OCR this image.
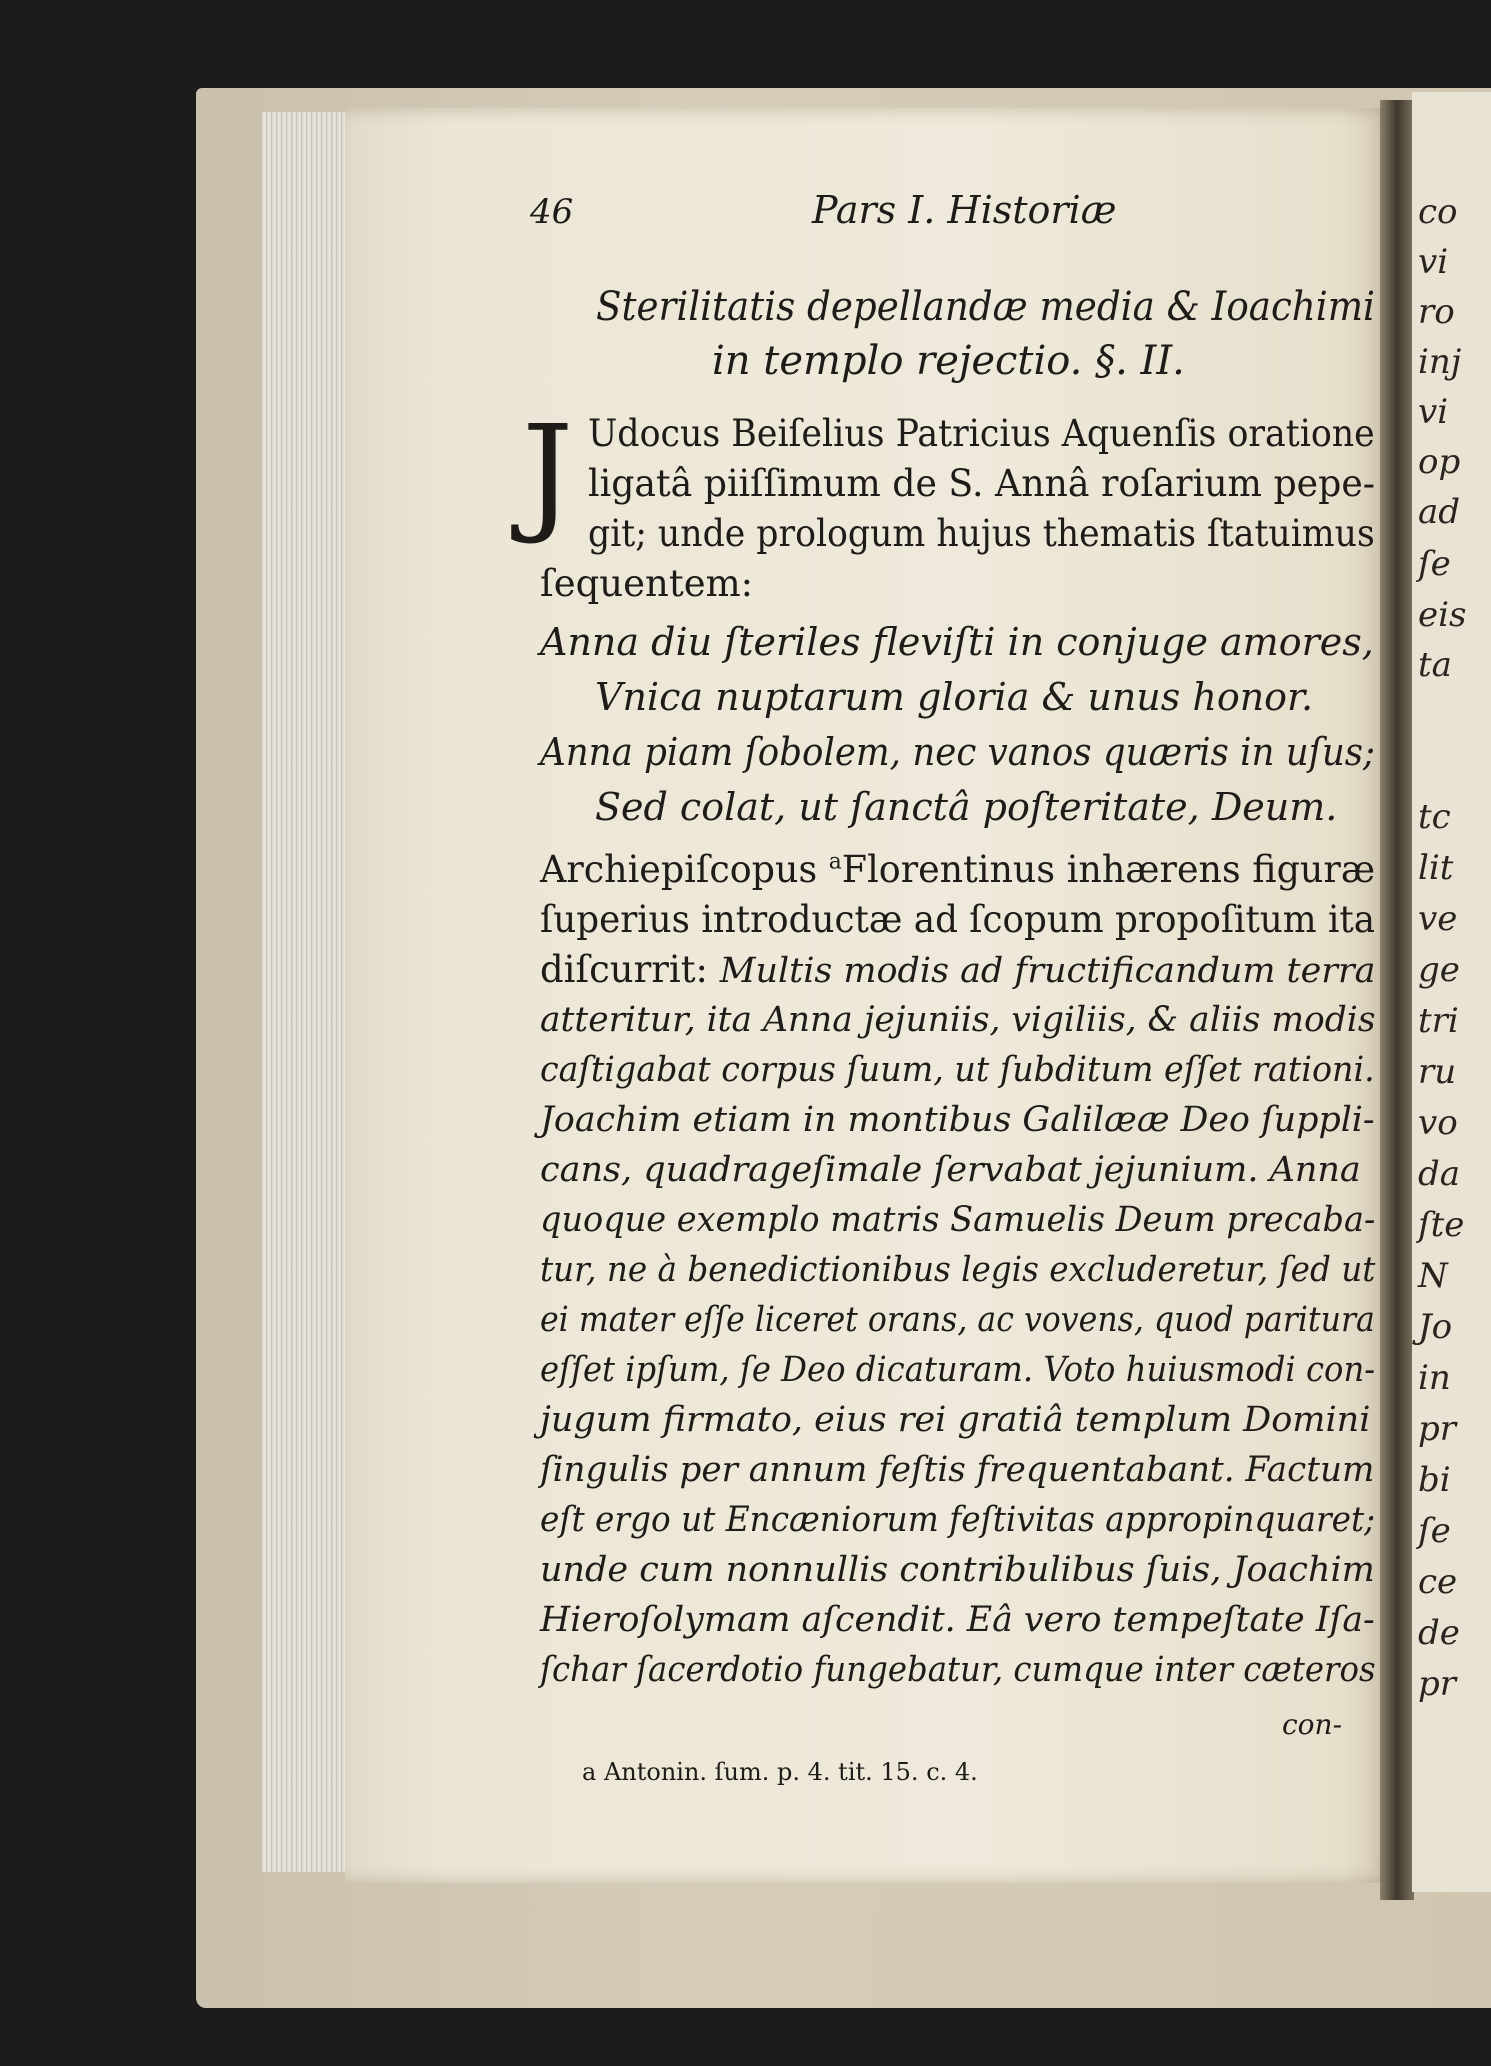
co
vi
ro
inj
vi
op
ad
ſe
eis
ta
tc
lit
ve
ge
tri
ru
vo
da
ſte
N
Jo
in
pr
bi
ſe
ce
de
pr
46	Pars I. Historiæ
Sterilitatis depellandæ media & Ioachimi
in templo rejectio. §. II.
J Udocus Beiſelius Patricius Aquenſis oratione
ligatâ piiſſimum de S. Annâ roſarium pepe-
git; unde prologum hujus thematis ſtatuimus
ſequentem:
Anna diu ſteriles fleviſti in conjuge amores,
Vnica nuptarum gloria & unus honor.
Anna piam ſobolem, nec vanos quæris in uſus;
Sed colat, ut ſanctâ poſteritate, Deum.
Archiepiſcopus $^a$Florentinus inhærens figuræ
ſuperius introductæ ad ſcopum propoſitum ita
diſcurrit: Multis modis ad fructificandum terra
atteritur, ita Anna jejuniis, vigiliis, & aliis modis
caſtigabat corpus ſuum, ut ſubditum eſſet rationi.
Joachim etiam in montibus Galilææ Deo ſuppli-
cans, quadrageſimale ſervabat jejunium. Anna
quoque exemplo matris Samuelis Deum precaba-
tur, ne à benedictionibus legis excluderetur, ſed ut
ei mater eſſe liceret orans, ac vovens, quod paritura
eſſet ipſum, ſe Deo dicaturam. Voto huiusmodi con-
jugum firmato, eius rei gratiâ templum Domini
ſingulis per annum feſtis frequentabant. Factum
eſt ergo ut Encæniorum feſtivitas appropinquaret;
unde cum nonnullis contribulibus ſuis, Joachim
Hieroſolymam aſcendit. Eâ vero tempeſtate Iſa-
ſchar ſacerdotio fungebatur, cumque inter cæteros
con-
a Antonin. ſum. p. 4. tit. 15. c. 4.
